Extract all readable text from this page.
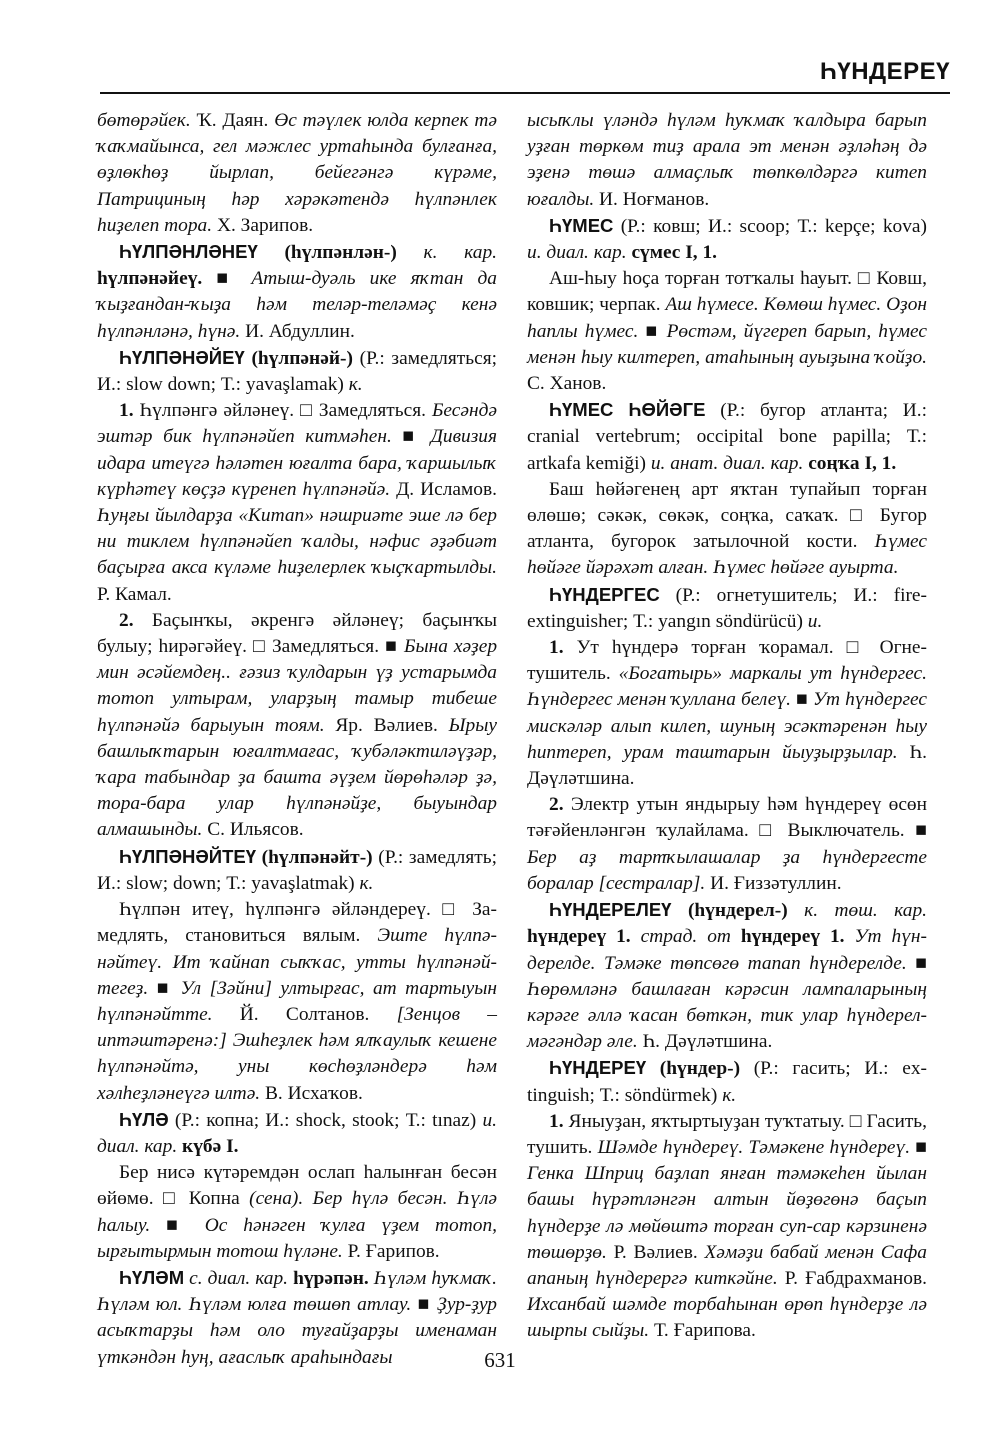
ҺҮНДЕРЕҮ

бөтөрәйек. Ҡ. Даян. Өс тәүлек юлда керпек тә ҡаҡмайынса, гел мәжлес уртаһында булғанға, өҙлөкһөҙ йырлап, бейегәнгә күрәме, Патрициның һәр хәрәкәтендә һүлпәнлек һиҙелеп тора. Х. Зарипов.

ҺҮЛПӘНЛӘНЕҮ (һүлпәнлән-) к. кар. һүлпәнәйеү. ■ Атыш-дуәль ике яҡтан да ҡыҙғандан-ҡыҙа һәм теләр-теләмәҫ кенә һүлпәнләнә, һүнә. И. Абдуллин.

ҺҮЛПӘНӘЙЕҮ (һүлпәнәй-) (Р.: замедляться; И.: slow down; Т.: yavaşlamak) к.

1. Һүлпәнгә әйләнеү. □ Замедляться. Бесәндә эштәр бик һүлпәнәйеп китмәһен. ■ Дивизия идара итеүгә һәләтен юғалта бара, ҡаршылыҡ күрһәтеү көҫҙә күренеп һүлпәнәйә. Д. Исламов. Һуңғы йылдарҙа «Китап» нәшриәте эше лә бер ни тиклем һүлпәнәйеп ҡалды, нәфис әҙәбиәт баҫырға акса күләме һиҙелерлек ҡыҫҡартылды. Р. Камал.

2. Баҫынҡы, әкренгә әйләнеү; баҫынҡы булыу; һирәгәйеү. □ Замедляться. ■ Бына хәҙер мин әсәйемдең.. ғәзиз ҡулдарын үҙ устарымда тотоп ултырам, уларҙың тамыр тибеше һүлпәнәйә барыуын тоям. Яр. Вәлиев. Ырыу башлыҡтарын юғалтмағас, ҡубәләктиләүҙәр, ҡара табындар ҙа башта әүҙем йөрөһәләр ҙә, тора-бара улар һүлпәнәйҙе, быуындар алмашынды. С. Ильясов.

ҺҮЛПӘНӘЙТЕҮ (һүлпәнәйт-) (Р.: замедлять; И.: slow; down; Т.: yavaşlatmak) к.

Һүлпән итеү, һүлпәнгә әйләндереү. □ Замедлять, становиться вялым. Эште һүлпәнәйтеү. Ит ҡайнап сыҡҡас, утты һүлпәнәйтегеҙ. ■ Ул [Зәйни] ултырғас, ат тартыуын һүлпәнәйтте. Й. Солтанов. [Зенцов – иптәштәренә:] Эшһеҙлек һәм ялҡаулыҡ кешене һүлпәнәйтә, уны көсһөҙләндерә һәм хәлһеҙләнеүгә илтә. В. Исхаҡов.

ҺҮЛӘ (Р.: копна; И.: shock, stook; Т.: tınaz) и. диал. кар. күбә I.

Бер нисә күтәремдән ослап һалынған бесән өйөмө. □ Копна (сена). Бер һүлә бесән. Һүлә һалыу. ■ Ос һәнәген ҡулға үҙем тотоп, ырғытырмын тотош һүләне. Р. Ғарипов.

ҺҮЛӘМ с. диал. кар. һүрәпән. Һүләм һуҡмаҡ. Һүләм юл. Һүләм юлға төшөп атлау. ■ Ҙур-ҙур асыҡтарҙы һәм оло туғайҙарҙы именаман үткәндән һуң, ағаслыҡ араһындағы

ысыҡлы үләндә һүләм һуҡмаҡ ҡалдыра барып уҙған төркөм тиҙ арала эт менән әҙләһәң дә эҙенә төшә алмаҫлыҡ төпкөлдәргә китеп юғалды. И. Ноғманов.

ҺҮМЕС (Р.: ковш; И.: scoop; Т.: kepçe; kova) и. диал. кар. сүмес I, 1.

Аш-һыу һоҫа торған тотҡалы һауыт. □ Ковш, ковшик; черпак. Аш һүмесе. Көмөш һүмес. Оҙон һаплы һүмес. ■ Рөстәм, йүгереп барып, һүмес менән һыу килтереп, атаһының ауыҙына ҡойҙо. С. Ханов.

ҺҮМЕС ҺӨЙӘГЕ (Р.: бугор атланта; И.: cranial vertebrum; occipital bone papilla; Т.: artkafa kemiği) и. анат. диал. кар. соңҡа I, 1.

Баш һөйәгенең арт яҡтан тупайып торған өлөшө; сәкәк, сөкәк, соңҡа, саҡаҡ. □ Бугор атланта, бугорок затылочной кости. Һүмес һөйәге йәрәхәт алған. Һүмес һөйәге ауырта.

ҺҮНДЕРГЕС (Р.: огнетушитель; И.: fireextinguisher; Т.: yangın söndürücü) и.

1. Ут һүндерә торған ҡорамал. □ Огнетушитель. «Богатырь» маркалы ут һүндергес. Һүндергес менән ҡуллана белеү. ■ Ут һүндергес мискәләр алып килеп, шуның эсәктәренән һыу һиптереп, урам таштaрын йыуҙырҙылар. Һ. Дәүләтшина.

2. Электр утын яндырыу һәм һүндереү өсөн тәғәйенләнгән ҡулайлама. □ Выключатель. ■ Бер аҙ тартҡылашалар ҙа һүндергесте боралар [сестралар]. И. Ғиззәтуллин.

ҺҮНДЕРЕЛЕҮ (һүндерел-) к. төш. кар. һүндереү 1. страд. от һүндереү 1. Ут һүндерелде. Тәмәке төпсөгө тапап һүндерелде. ■ Һөрөмләнә башлаған кәрәсин лампаларының кәрәге әллә ҡасан бөткән, тик улар һүндерелмәгәндәр әле. Һ. Дәүләтшина.

ҺҮНДЕРЕҮ (һүндер-) (Р.: гасить; И.: extinguish; Т.: söndürmek) к.

1. Яныуҙан, яҡтыртыуҙан туҡтатыу. □ Гасить, тушить. Шәмде һүндереү. Тәмәкене һүндереү. ■ Генка Шприц баҙлап янған тәмәкеһен йылан башы һүрәтләнгән алтын йөҙөгөнә баҫып һүндерҙе лә мөйөштә торған суп-сар кәрзиненә төшөрҙө. Р. Вәлиев. Хәмәҙи бабай менән Сафа апаның һүндерергә киткәйне. Р. Ғабдрахманов. Ихсанбай шәмде торбаһынан өрөп һүндерҙе лә шырпы сыйҙы. Т. Ғарипова.

631
